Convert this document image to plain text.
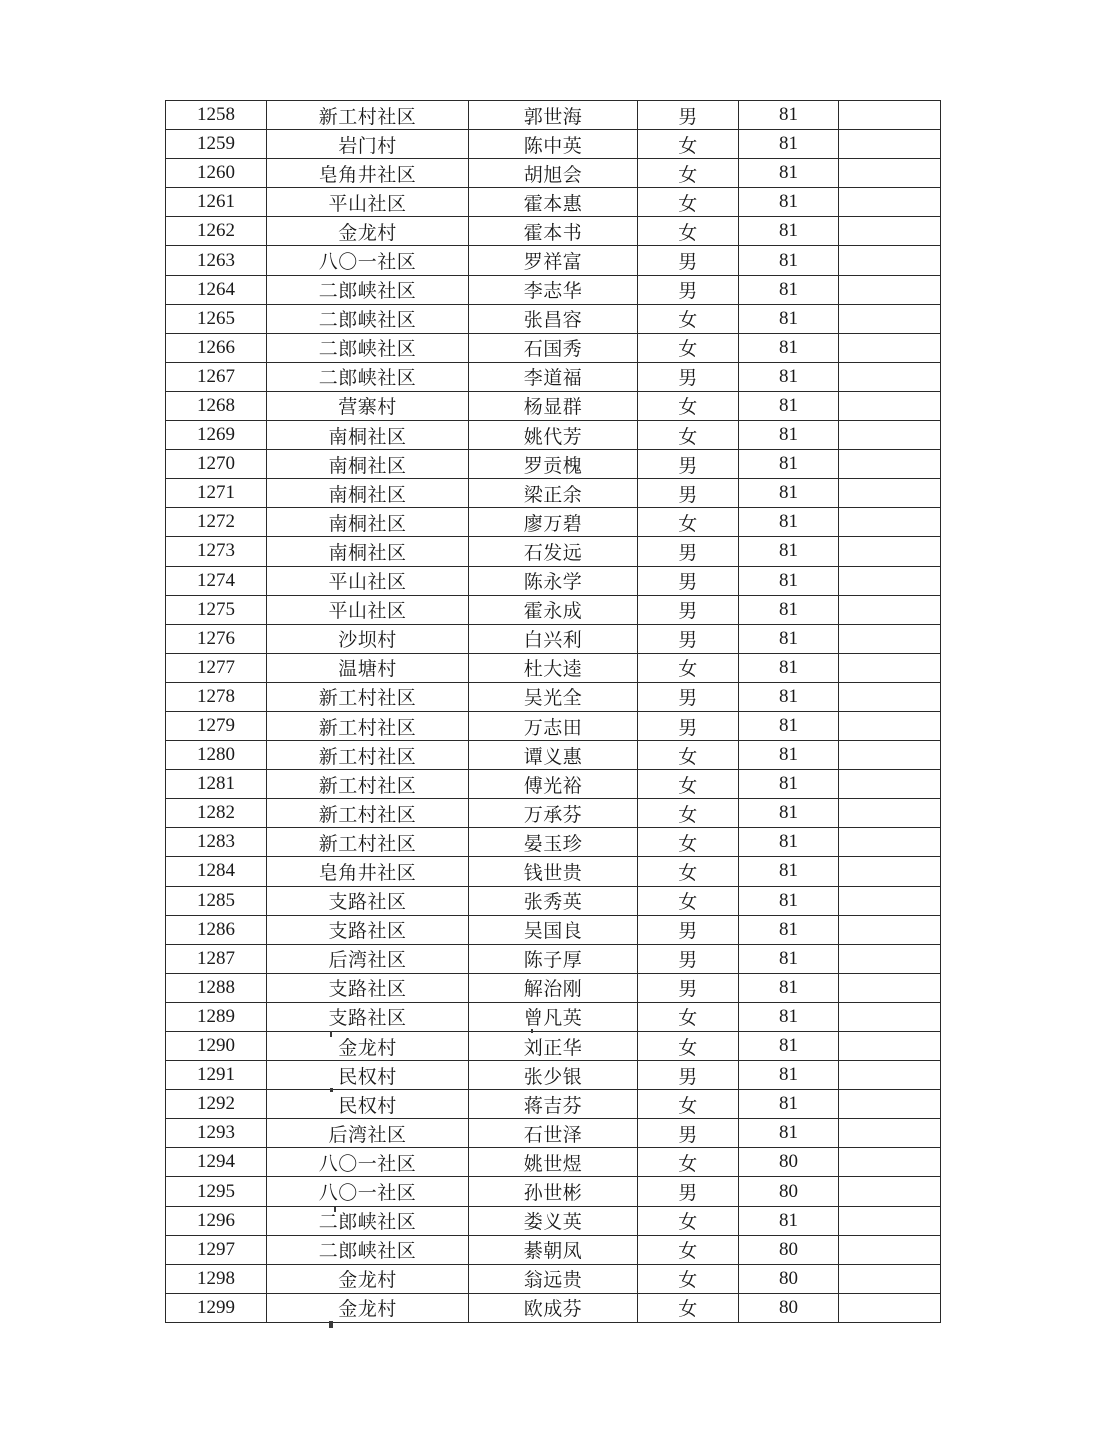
1258	新工村社区	郭世海	男	81	
1259	岩门村	陈中英	女	81	
1260	皂角井社区	胡旭会	女	81	
1261	平山社区	霍本惠	女	81	
1262	金龙村	霍本书	女	81	
1263	八〇一社区	罗祥富	男	81	
1264	二郎峡社区	李志华	男	81	
1265	二郎峡社区	张昌容	女	81	
1266	二郎峡社区	石国秀	女	81	
1267	二郎峡社区	李道福	男	81	
1268	营寨村	杨显群	女	81	
1269	南桐社区	姚代芳	女	81	
1270	南桐社区	罗贡槐	男	81	
1271	南桐社区	梁正余	男	81	
1272	南桐社区	廖万碧	女	81	
1273	南桐社区	石发远	男	81	
1274	平山社区	陈永学	男	81	
1275	平山社区	霍永成	男	81	
1276	沙坝村	白兴利	男	81	
1277	温塘村	杜大逵	女	81	
1278	新工村社区	吴光全	男	81	
1279	新工村社区	万志田	男	81	
1280	新工村社区	谭义惠	女	81	
1281	新工村社区	傅光裕	女	81	
1282	新工村社区	万承芬	女	81	
1283	新工村社区	晏玉珍	女	81	
1284	皂角井社区	钱世贵	女	81	
1285	支路社区	张秀英	女	81	
1286	支路社区	吴国良	男	81	
1287	后湾社区	陈子厚	男	81	
1288	支路社区	解治刚	男	81	
1289	支路社区	曾凡英	女	81	
1290	金龙村	刘正华	女	81	
1291	民权村	张少银	男	81	
1292	民权村	蒋吉芬	女	81	
1293	后湾社区	石世泽	男	81	
1294	八〇一社区	姚世煜	女	80	
1295	八〇一社区	孙世彬	男	80	
1296	二郎峡社区	娄义英	女	81	
1297	二郎峡社区	綦朝凤	女	80	
1298	金龙村	翁远贵	女	80	
1299	金龙村	欧成芬	女	80	
